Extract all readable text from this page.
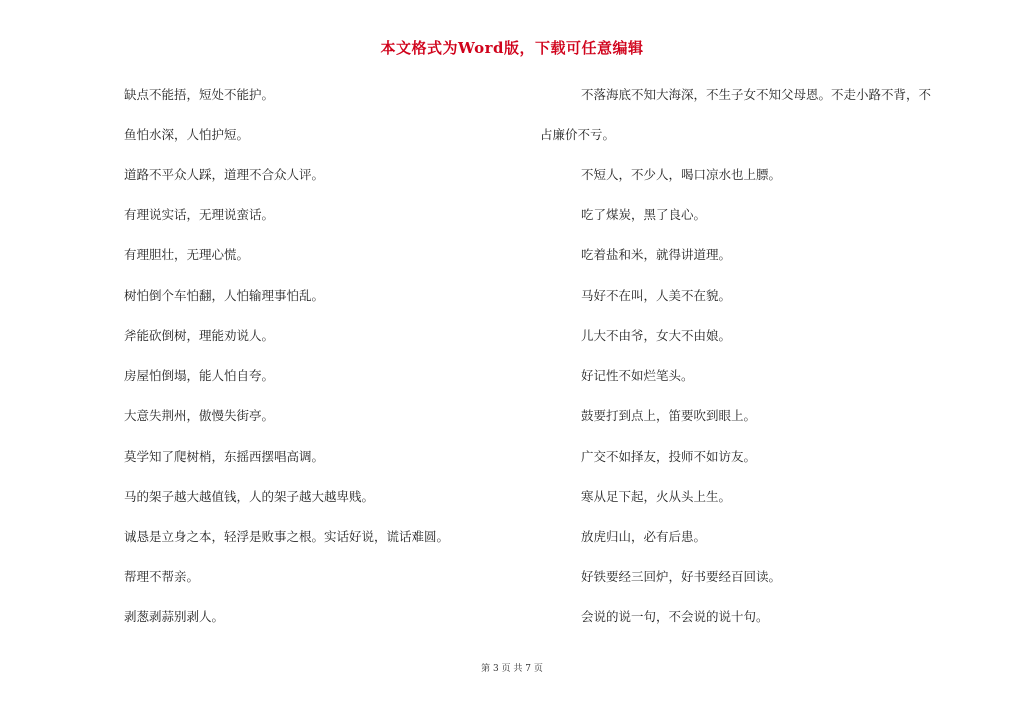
本文格式为Word版，下载可任意编辑
缺点不能捂，短处不能护。
鱼怕水深，人怕护短。
道路不平众人踩，道理不合众人评。
有理说实话，无理说蛮话。
有理胆壮，无理心慌。
树怕倒个车怕翻，人怕输理事怕乱。
斧能砍倒树，理能劝说人。
房屋怕倒塌，能人怕自夸。
大意失荆州，傲慢失街亭。
莫学知了爬树梢，东摇西摆唱高调。
马的架子越大越值钱，人的架子越大越卑贱。
诚恳是立身之本，轻浮是败事之根。实话好说，谎话难圆。
帮理不帮亲。
剥葱剥蒜别剥人。
不落海底不知大海深，不生子女不知父母恩。不走小路不背，不
占廉价不亏。
不短人，不少人，喝口凉水也上膘。
吃了煤炭，黑了良心。
吃着盐和米，就得讲道理。
马好不在叫，人美不在貌。
儿大不由爷，女大不由娘。
好记性不如烂笔头。
鼓要打到点上，笛要吹到眼上。
广交不如择友，投师不如访友。
寒从足下起，火从头上生。
放虎归山，必有后患。
好铁要经三回炉，好书要经百回读。
会说的说一句，不会说的说十句。
第 3 页 共 7 页
